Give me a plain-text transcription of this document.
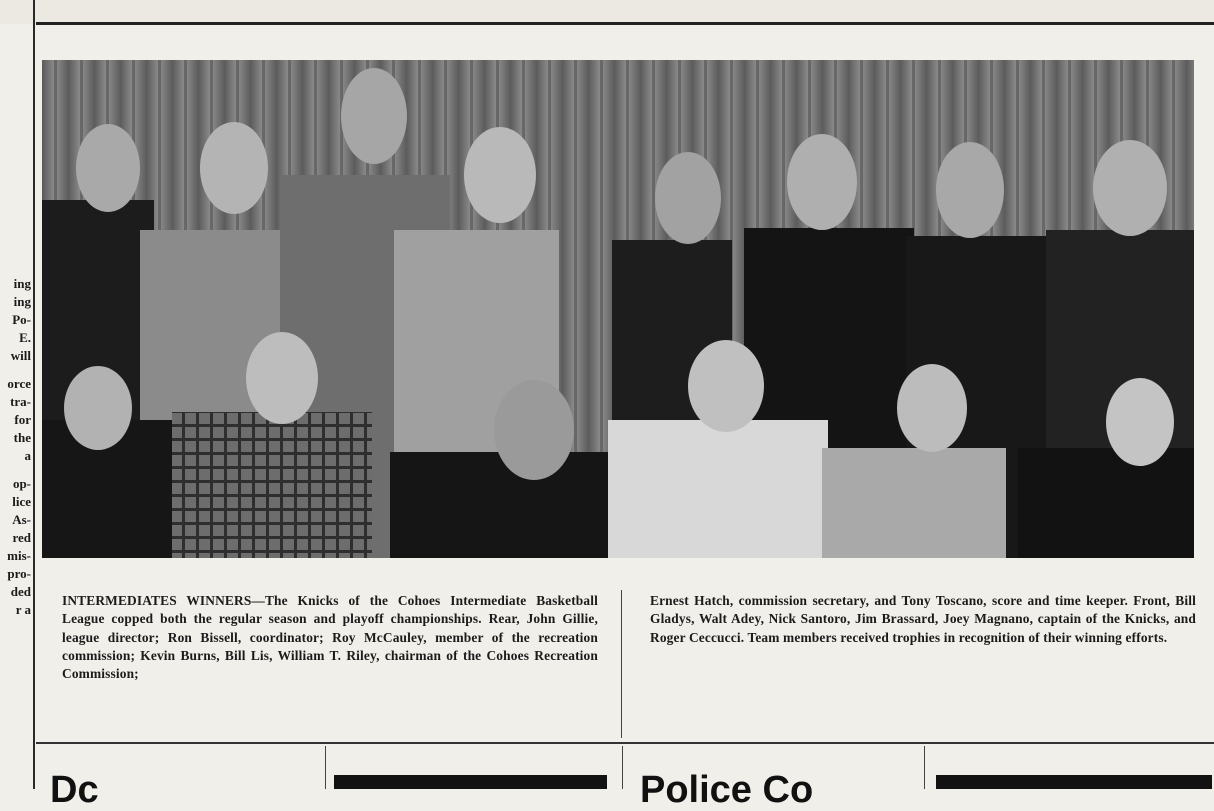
ing
ing
Po-
E.
will
orce
tra-
for
the
a
op-
lice
As-
red
mis-
pro-
ded
r a
INTERMEDIATES WINNERS—The Knicks of the Cohoes Intermediate Basketball League copped both the regular season and playoff championships. Rear, John Gillie, league director; Ron Bissell, coordinator; Roy McCauley, member of the recreation commission; Kevin Burns, Bill Lis, William T. Riley, chairman of the Cohoes Recreation Commission;
Ernest Hatch, commission secretary, and Tony Toscano, score and time keeper. Front, Bill Gladys, Walt Adey, Nick Santoro, Jim Brassard, Joey Magnano, captain of the Knicks, and Roger Ceccucci. Team members received trophies in recognition of their winning efforts.
Dc	Police Co
